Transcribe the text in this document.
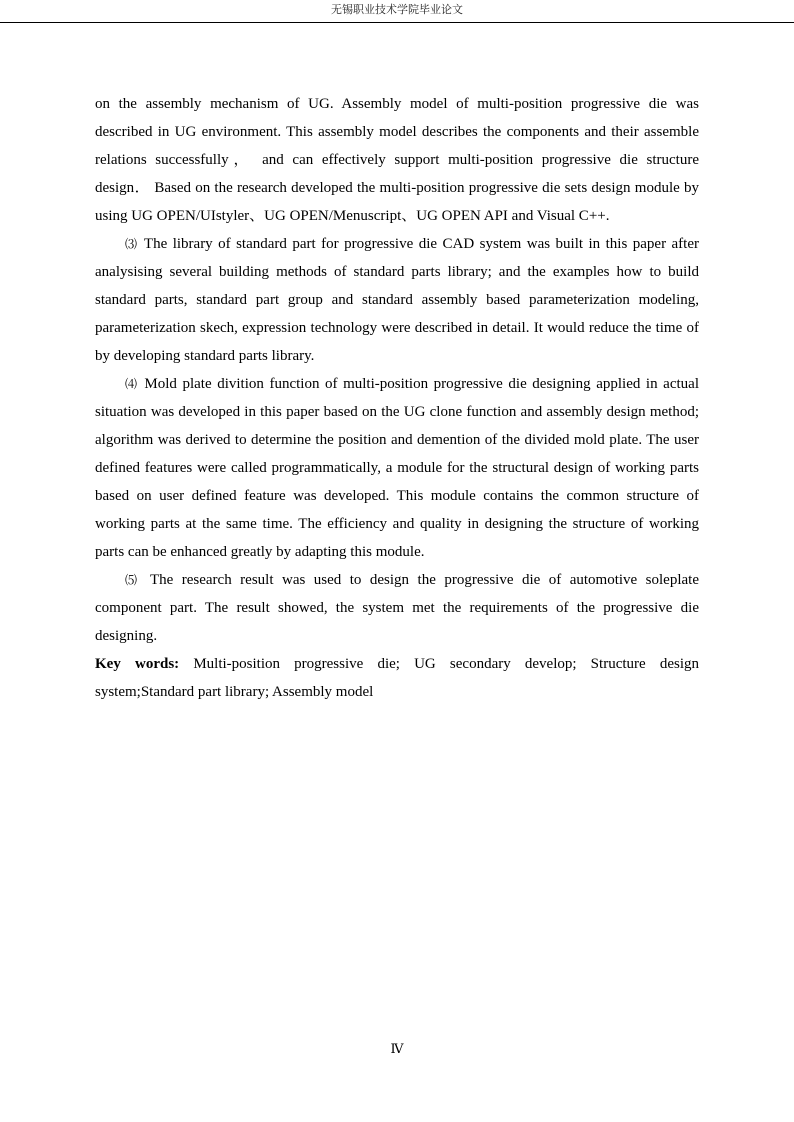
无锡职业技术学院毕业论文

on the assembly mechanism of UG. Assembly model of multi-position progressive die was described in UG environment. This assembly model describes the components and their assemble relations successfully， and can effectively support multi-position progressive die structure design． Based on the research developed the multi-position progressive die sets design module by using UG OPEN/UIstyler、UG OPEN/Menuscript、UG OPEN API and Visual C++.

⑶ The library of standard part for progressive die CAD system was built in this paper after analysising several building methods of standard parts library; and the examples how to build standard parts, standard part group and standard assembly based parameterization modeling, parameterization skech, expression technology were described in detail. It would reduce the time of by developing standard parts library.

⑷ Mold plate divition function of multi-position progressive die designing applied in actual situation was developed in this paper based on the UG clone function and assembly design method; algorithm was derived to determine the position and demention of the divided mold plate. The user defined features were called programmatically, a module for the structural design of working parts based on user defined feature was developed. This module contains the common structure of working parts at the same time. The efficiency and quality in designing the structure of working parts can be enhanced greatly by adapting this module.

⑸ The research result was used to design the progressive die of automotive soleplate component part. The result showed, the system met the requirements of the progressive die designing.

Key words: Multi-position progressive die; UG secondary develop; Structure design system;Standard part library; Assembly model

Ⅳ
